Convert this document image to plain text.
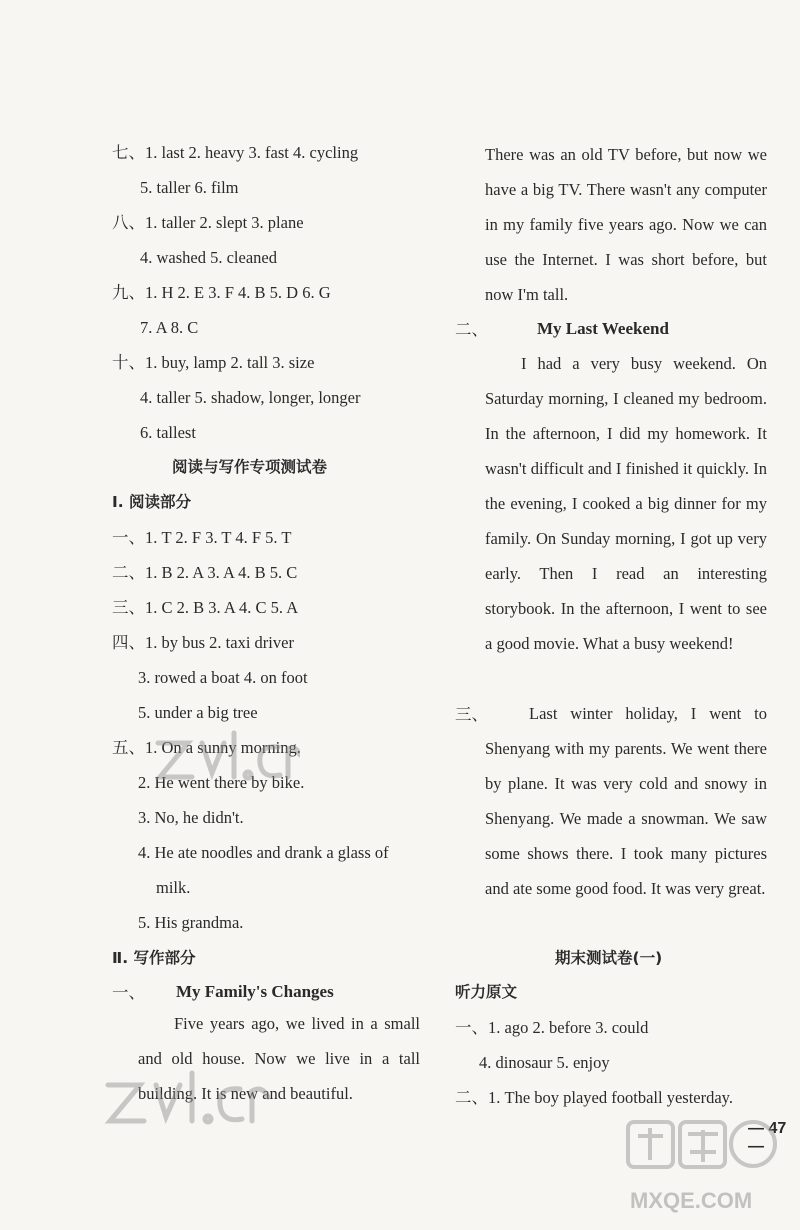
七、1. last 2. heavy 3. fast 4. cycling
5. taller 6. film
八、1. taller 2. slept 3. plane
4. washed 5. cleaned
九、1. H 2. E 3. F 4. B 5. D 6. G
7. A 8. C
十、1. buy, lamp 2. tall 3. size
4. taller 5. shadow, longer, longer
6. tallest
阅读与写作专项测试卷
Ⅰ. 阅读部分
一、1. T 2. F 3. T 4. F 5. T
二、1. B 2. A 3. A 4. B 5. C
三、1. C 2. B 3. A 4. C 5. A
四、1. by bus 2. taxi driver
3. rowed a boat 4. on foot
5. under a big tree
五、1. On a sunny morning.
2. He went there by bike.
3. No, he didn't.
4. He ate noodles and drank a glass of
milk.
5. His grandma.
Ⅱ. 写作部分
一、 My Family's Changes
Five years ago, we lived in a small and old house. Now we live in a tall building. It is new and beautiful.
There was an old TV before, but now we have a big TV. There wasn't any computer in my family five years ago. Now we can use the Internet. I was short before, but now I'm tall.
二、	My Last Weekend
I had a very busy weekend. On Saturday morning, I cleaned my bedroom. In the afternoon, I did my homework. It wasn't difficult and I finished it quickly. In the evening, I cooked a big dinner for my family. On Sunday morning, I got up very early. Then I read an interesting storybook. In the afternoon, I went to see a good movie. What a busy weekend!
三、	Last winter holiday, I went to Shenyang with my parents. We went there by plane. It was very cold and snowy in Shenyang. We made a snowman. We saw some shows there. I took many pictures and ate some good food. It was very great.
期末测试卷(一)
听力原文
一、1. ago 2. before 3. could
4. dinosaur 5. enjoy
二、1. The boy played football yesterday.
— 47 —
MXQE.COM
